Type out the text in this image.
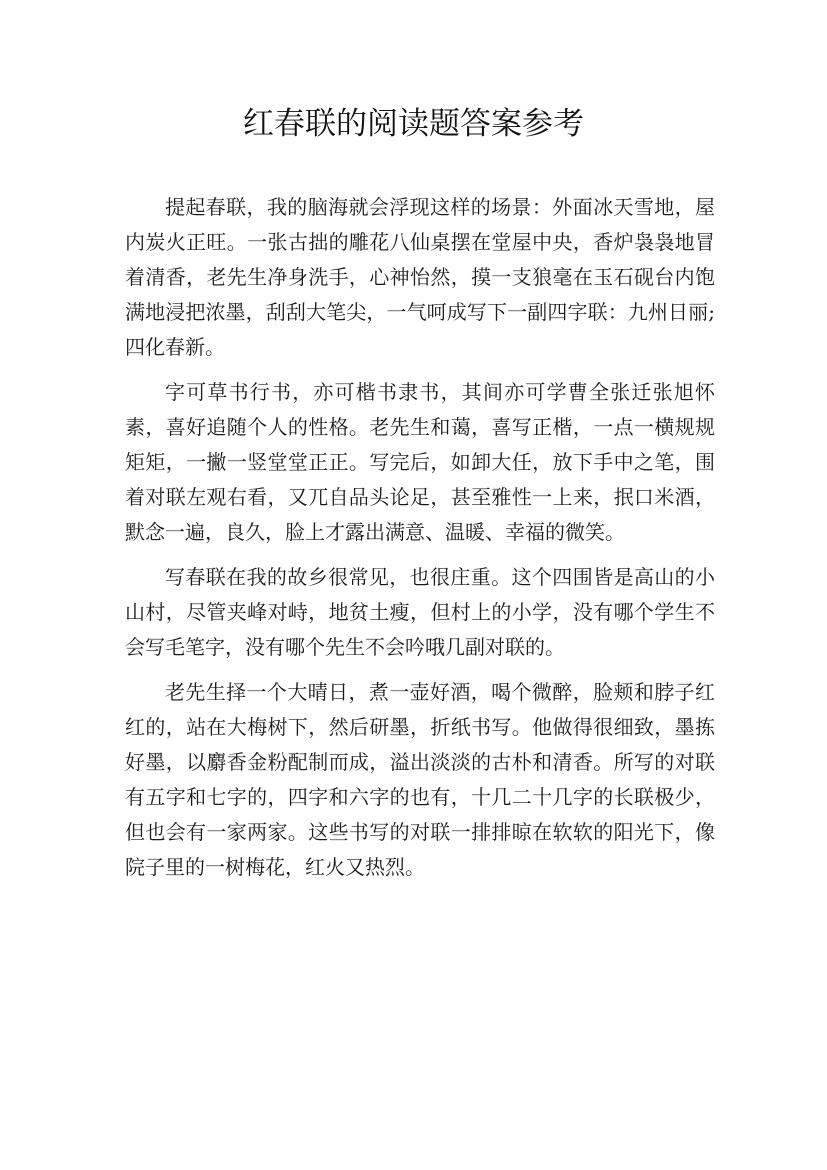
红春联的阅读题答案参考

提起春联，我的脑海就会浮现这样的场景：外面冰天雪地，屋内炭火正旺。一张古拙的雕花八仙桌摆在堂屋中央，香炉袅袅地冒着清香，老先生净身洗手，心神怡然，摸一支狼毫在玉石砚台内饱满地浸把浓墨，刮刮大笔尖，一气呵成写下一副四字联：九州日丽;四化春新。

字可草书行书，亦可楷书隶书，其间亦可学曹全张迁张旭怀素，喜好追随个人的性格。老先生和蔼，喜写正楷，一点一横规规矩矩，一撇一竖堂堂正正。写完后，如卸大任，放下手中之笔，围着对联左观右看，又兀自品头论足，甚至雅性一上来，抿口米酒，默念一遍，良久，脸上才露出满意、温暖、幸福的微笑。

写春联在我的故乡很常见，也很庄重。这个四围皆是高山的小山村，尽管夹峰对峙，地贫土瘦，但村上的小学，没有哪个学生不会写毛笔字，没有哪个先生不会吟哦几副对联的。

老先生择一个大晴日，煮一壶好酒，喝个微醉，脸颊和脖子红红的，站在大梅树下，然后研墨，折纸书写。他做得很细致，墨拣好墨，以麝香金粉配制而成，溢出淡淡的古朴和清香。所写的对联有五字和七字的，四字和六字的也有，十几二十几字的长联极少，但也会有一家两家。这些书写的对联一排排晾在软软的阳光下，像院子里的一树梅花，红火又热烈。
